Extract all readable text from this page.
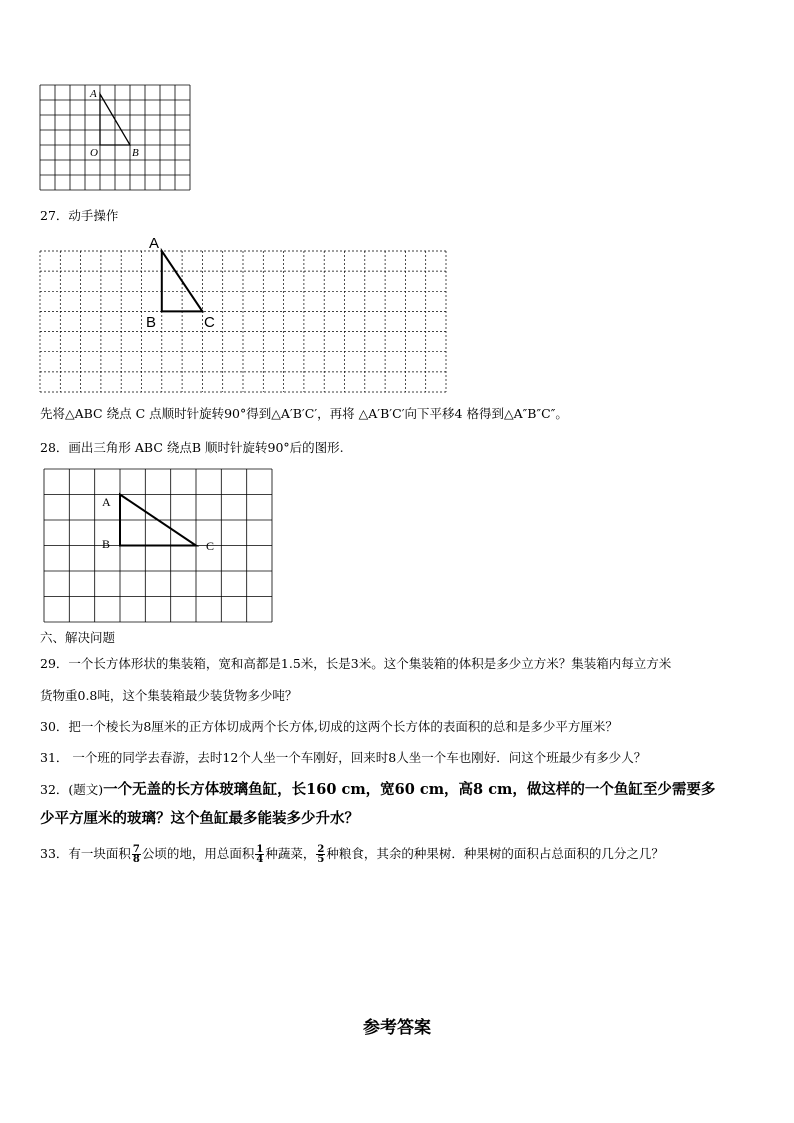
A
O	B
27．动手操作
A
B	C
先将△ABC 绕点 C 点顺时针旋转90°得到△A′B′C′，再将 △A′B′C′向下平移4 格得到△A″B″C″。
28．画出三角形 ABC 绕点B 顺时针旋转90°后的图形.
A
B	C
六、解决问题
29．一个长方体形状的集装箱，宽和高都是1.5米，长是3米。这个集装箱的体积是多少立方米？集装箱内每立方米
货物重0.8吨，这个集装箱最少装货物多少吨？
30．把一个棱长为8厘米的正方体切成两个长方体,切成的这两个长方体的表面积的总和是多少平方厘米？
31． 一个班的同学去春游，去时12个人坐一个车刚好，回来时8人坐一个车也刚好．问这个班最少有多少人？
32．(题文)一个无盖的长方体玻璃鱼缸，长160 cm，宽60 cm，高8 cm，做这样的一个鱼缸至少需要多
少平方厘米的玻璃？这个鱼缸最多能装多少升水？
33．有一块面积 $\frac{7}{8}$ 公顷的地，用总面积 $\frac{1}{4}$ 种蔬菜， $\frac{2}{5}$ 种粮食，其余的种果树．种果树的面积占总面积的几分之几？
参考答案
